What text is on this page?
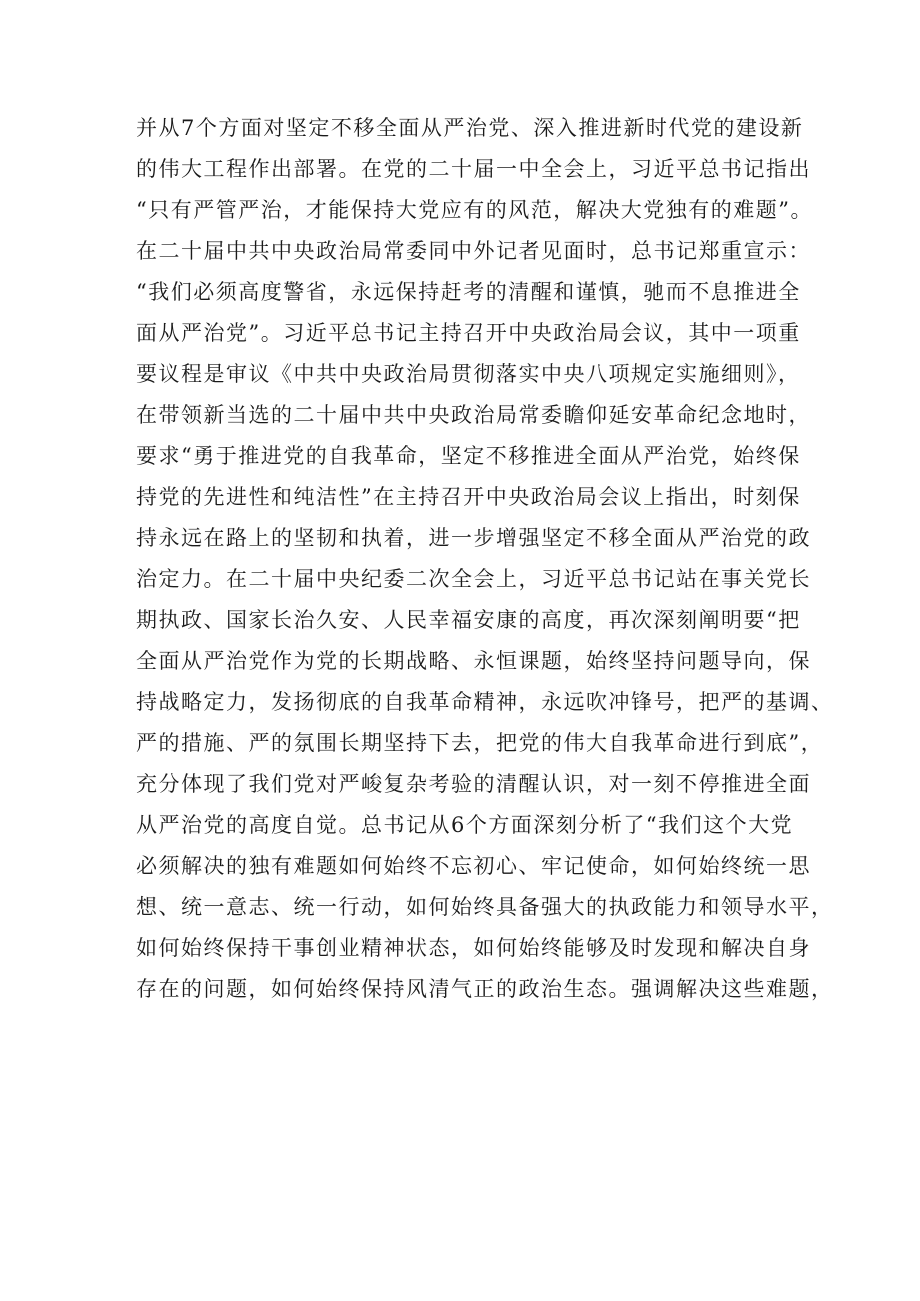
并从7个方面对坚定不移全面从严治党、深入推进新时代党的建设新
的伟大工程作出部署。在党的二十届一中全会上，习近平总书记指出
“只有严管严治，才能保持大党应有的风范，解决大党独有的难题”。
在二十届中共中央政治局常委同中外记者见面时，总书记郑重宣示：
“我们必须高度警省，永远保持赶考的清醒和谨慎，驰而不息推进全
面从严治党”。习近平总书记主持召开中央政治局会议，其中一项重
要议程是审议《中共中央政治局贯彻落实中央八项规定实施细则》，
在带领新当选的二十届中共中央政治局常委瞻仰延安革命纪念地时，
要求“勇于推进党的自我革命，坚定不移推进全面从严治党，始终保
持党的先进性和纯洁性”在主持召开中央政治局会议上指出，时刻保
持永远在路上的坚韧和执着，进一步增强坚定不移全面从严治党的政
治定力。在二十届中央纪委二次全会上，习近平总书记站在事关党长
期执政、国家长治久安、人民幸福安康的高度，再次深刻阐明要“把
全面从严治党作为党的长期战略、永恒课题，始终坚持问题导向，保
持战略定力，发扬彻底的自我革命精神，永远吹冲锋号，把严的基调、
严的措施、严的氛围长期坚持下去，把党的伟大自我革命进行到底”，
充分体现了我们党对严峻复杂考验的清醒认识，对一刻不停推进全面
从严治党的高度自觉。总书记从6个方面深刻分析了“我们这个大党
必须解决的独有难题如何始终不忘初心、牢记使命，如何始终统一思
想、统一意志、统一行动，如何始终具备强大的执政能力和领导水平，
如何始终保持干事创业精神状态，如何始终能够及时发现和解决自身
存在的问题，如何始终保持风清气正的政治生态。强调解决这些难题，
